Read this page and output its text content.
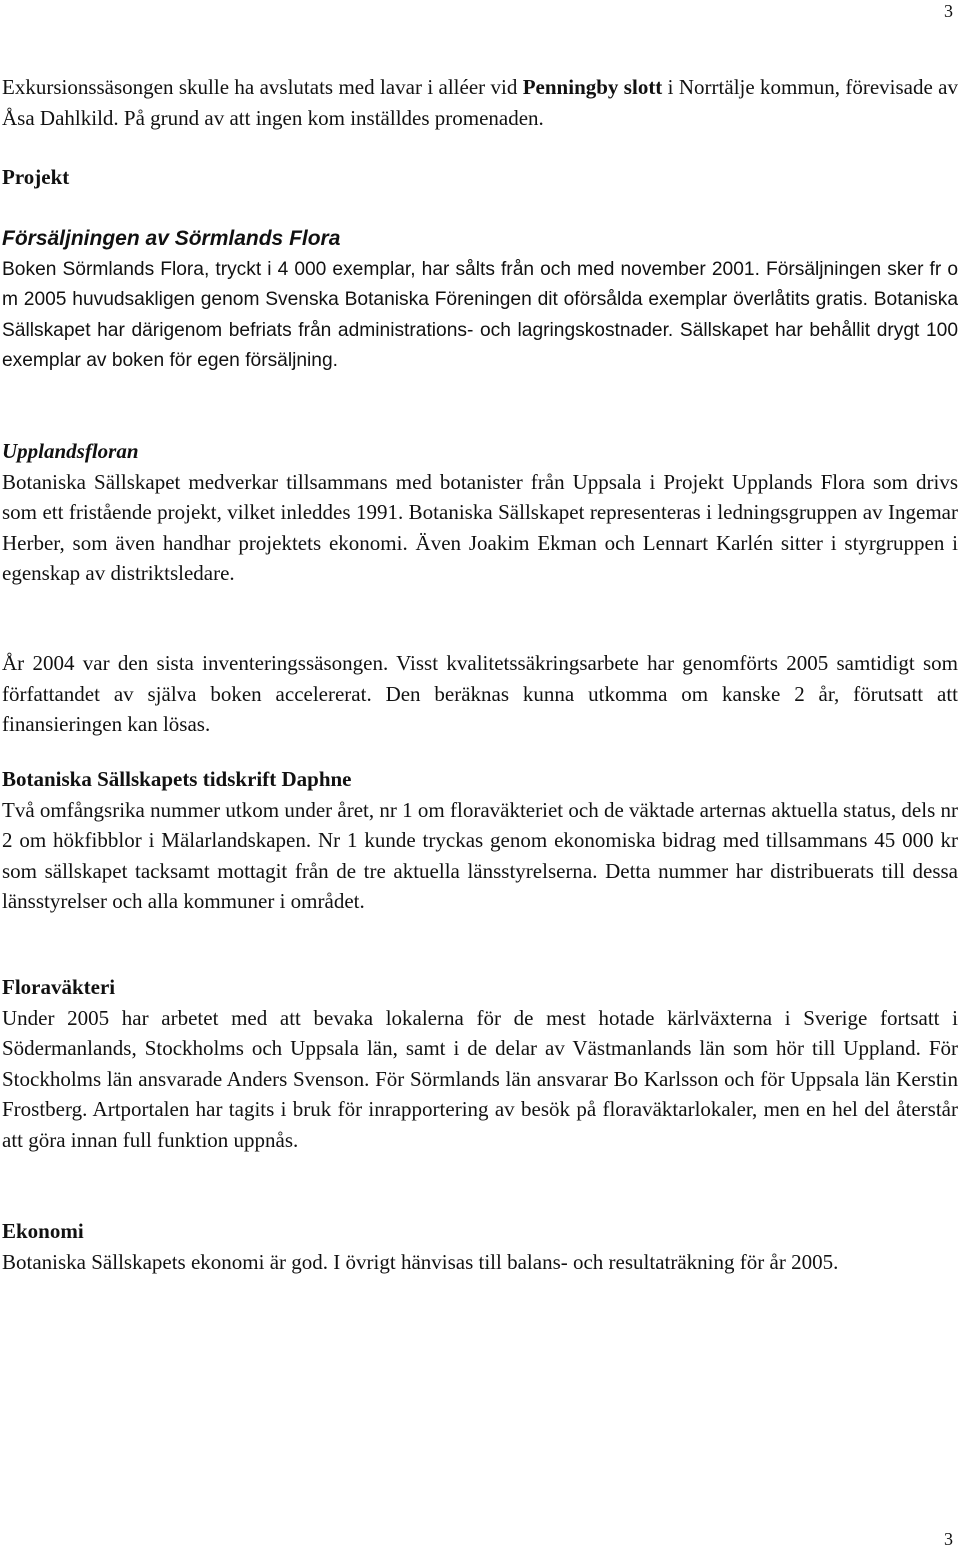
3

Exkursionssäsongen skulle ha avslutats med lavar i alléer vid Penningby slott i Norrtälje kommun, förevisade av Åsa Dahlkild. På grund av att ingen kom inställdes promenaden.

Projekt

Försäljningen av Sörmlands Flora
Boken Sörmlands Flora, tryckt i 4 000 exemplar, har sålts från och med november 2001. Försäljningen sker fr o m 2005 huvudsakligen genom Svenska Botaniska Föreningen dit oförsålda exemplar överlåtits gratis. Botaniska Sällskapet har därigenom befriats från administrations- och lagringskostnader. Sällskapet har behållit drygt 100 exemplar av boken för egen försäljning.
Upplandsfloran
Botaniska Sällskapet medverkar tillsammans med botanister från Uppsala i Projekt Upplands Flora som drivs som ett fristående projekt, vilket inleddes 1991. Botaniska Sällskapet representeras i ledningsgruppen av Ingemar Herber, som även handhar projektets ekonomi. Även Joakim Ekman och Lennart Karlén sitter i styrgruppen i egenskap av distriktsledare.

År 2004 var den sista inventeringssäsongen. Visst kvalitetssäkringsarbete har genomförts 2005 samtidigt som författandet av själva boken accelererat. Den beräknas kunna utkomma om kanske 2 år, förutsatt att finansieringen kan lösas.

Botaniska Sällskapets tidskrift Daphne
Två omfångsrika nummer utkom under året, nr 1 om floraväkteriet och de väktade arternas aktuella status, dels nr 2 om hökfibblor i Mälarlandskapen. Nr 1 kunde tryckas genom ekonomiska bidrag med tillsammans 45 000 kr som sällskapet tacksamt mottagit från de tre aktuella länsstyrelserna. Detta nummer har distribuerats till dessa länsstyrelser och alla kommuner i området.
Floraväkteri
Under 2005 har arbetet med att bevaka lokalerna för de mest hotade kärlväxterna i Sverige fortsatt i Södermanlands, Stockholms och Uppsala län, samt i de delar av Västmanlands län som hör till Uppland. För Stockholms län ansvarade Anders Svenson. För Sörmlands län ansvarar Bo Karlsson och för Uppsala län Kerstin Frostberg. Artportalen har tagits i bruk för inrapportering av besök på floraväktarlokaler, men en hel del återstår att göra innan full funktion uppnås.
Ekonomi
Botaniska Sällskapets ekonomi är god. I övrigt hänvisas till balans- och resultaträkning för år 2005.
3
